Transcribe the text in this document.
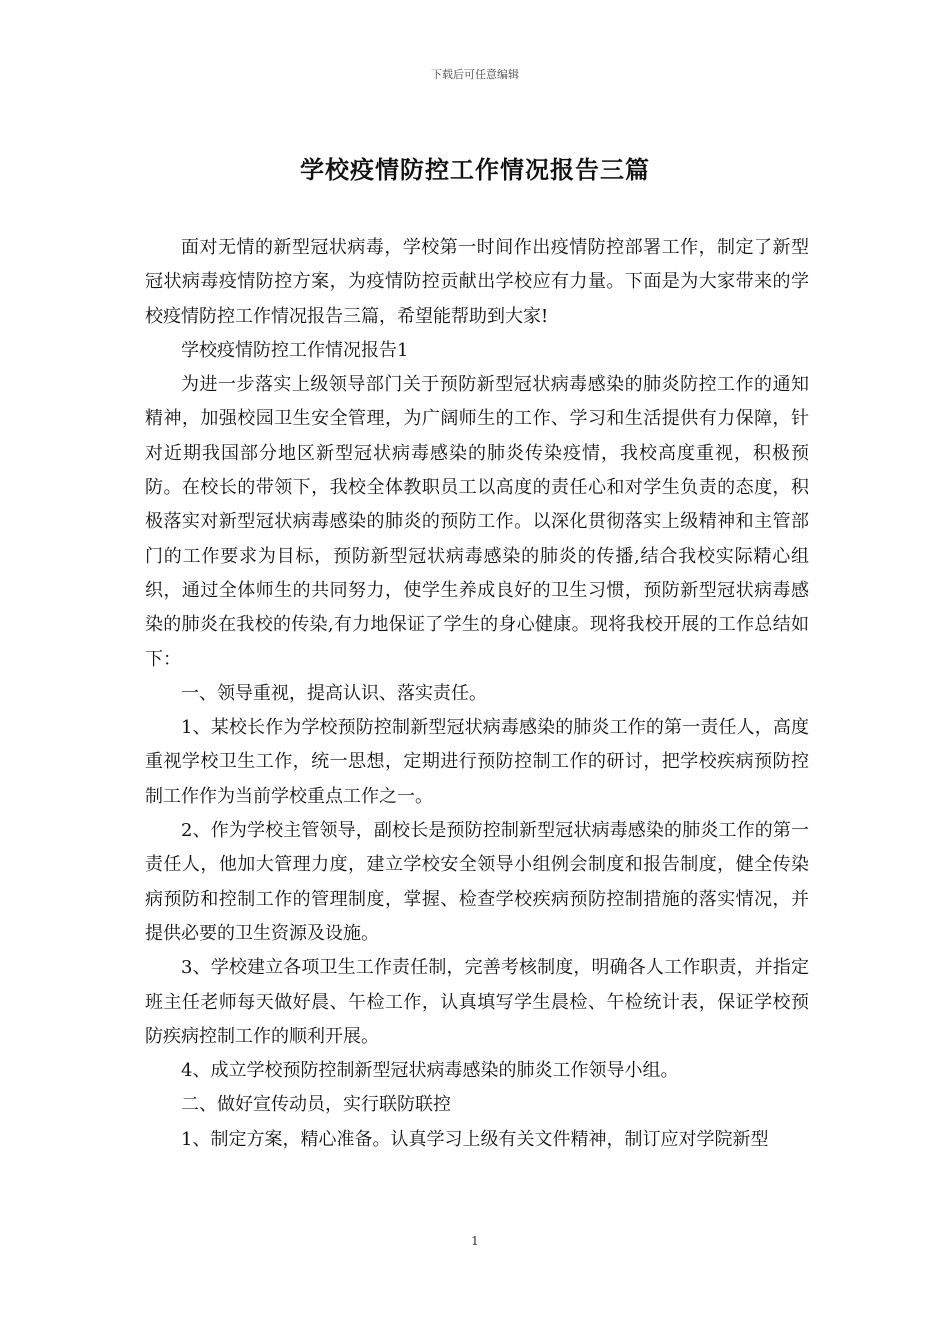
下载后可任意编辑
学校疫情防控工作情况报告三篇

面对无情的新型冠状病毒，学校第一时间作出疫情防控部署工作，制定了新型冠状病毒疫情防控方案，为疫情防控贡献出学校应有力量。下面是为大家带来的学校疫情防控工作情况报告三篇，希望能帮助到大家!

学校疫情防控工作情况报告1

为进一步落实上级领导部门关于预防新型冠状病毒感染的肺炎防控工作的通知精神，加强校园卫生安全管理，为广阔师生的工作、学习和生活提供有力保障，针对近期我国部分地区新型冠状病毒感染的肺炎传染疫情，我校高度重视，积极预防。在校长的带领下，我校全体教职员工以高度的责任心和对学生负责的态度，积极落实对新型冠状病毒感染的肺炎的预防工作。以深化贯彻落实上级精神和主管部门的工作要求为目标，预防新型冠状病毒感染的肺炎的传播,结合我校实际精心组织，通过全体师生的共同努力，使学生养成良好的卫生习惯，预防新型冠状病毒感染的肺炎在我校的传染,有力地保证了学生的身心健康。现将我校开展的工作总结如下：

一、领导重视，提高认识、落实责任。

1、某校长作为学校预防控制新型冠状病毒感染的肺炎工作的第一责任人，高度重视学校卫生工作，统一思想，定期进行预防控制工作的研讨，把学校疾病预防控制工作作为当前学校重点工作之一。

2、作为学校主管领导，副校长是预防控制新型冠状病毒感染的肺炎工作的第一责任人，他加大管理力度，建立学校安全领导小组例会制度和报告制度，健全传染病预防和控制工作的管理制度，掌握、检查学校疾病预防控制措施的落实情况，并提供必要的卫生资源及设施。

3、学校建立各项卫生工作责任制，完善考核制度，明确各人工作职责，并指定班主任老师每天做好晨、午检工作，认真填写学生晨检、午检统计表，保证学校预防疾病控制工作的顺利开展。

4、成立学校预防控制新型冠状病毒感染的肺炎工作领导小组。

二、做好宣传动员，实行联防联控

1、制定方案，精心准备。认真学习上级有关文件精神，制订应对学院新型

1
